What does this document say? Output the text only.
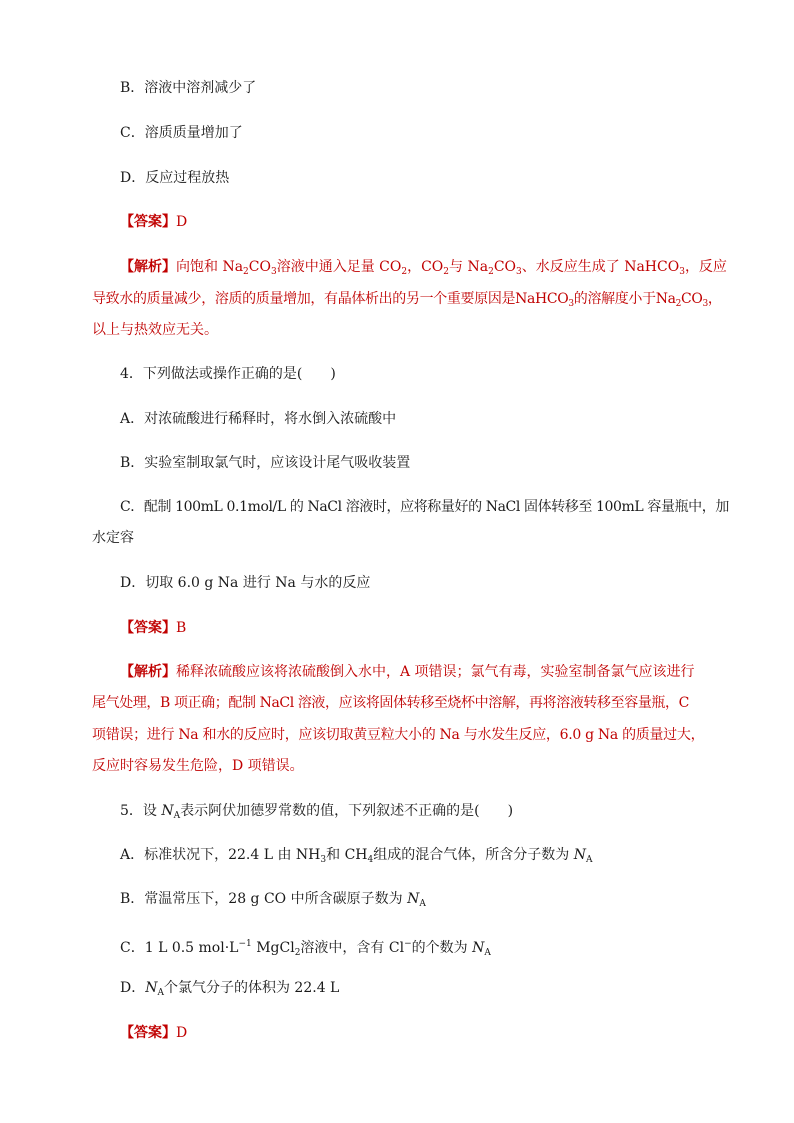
B．溶液中溶剂减少了
C．溶质质量增加了
D．反应过程放热
【答案】D
【解析】向饱和 $Na_2CO_3$溶液中通入足量 $CO_2$，$CO_2$与 $Na_2CO_3$、水反应生成了 NaHCO$_3$，反应
导致水的质量减少，溶质的质量增加，有晶体析出的另一个重要原因是NaHCO$_3$的溶解度小于$Na_2CO_3$，
以上与热效应无关。
4．下列做法或操作正确的是(　　)
A．对浓硫酸进行稀释时，将水倒入浓硫酸中
B．实验室制取氯气时，应该设计尾气吸收装置
C．配制 100mL 0.1mol/L 的 NaCl 溶液时，应将称量好的 NaCl 固体转移至 100mL 容量瓶中，加
水定容
D．切取 6.0 g Na 进行 Na 与水的反应
【答案】B
【解析】稀释浓硫酸应该将浓硫酸倒入水中，A 项错误；氯气有毒，实验室制备氯气应该进行
尾气处理，B 项正确；配制 NaCl 溶液，应该将固体转移至烧杯中溶解，再将溶液转移至容量瓶，C
项错误；进行 Na 和水的反应时，应该切取黄豆粒大小的 Na 与水发生反应，6.0 g Na 的质量过大，
反应时容易发生危险，D 项错误。
5．设 $N_A$表示阿伏加德罗常数的值，下列叙述不正确的是(　　)
A．标准状况下，22.4 L 由 $NH_3$和 $CH_4$组成的混合气体，所含分子数为 $N_A$
B．常温常压下，28 g CO 中所含碳原子数为 $N_A$
C．1 L 0.5 $mol\cdot L^{-1}$ MgCl$_2$溶液中，含有 Cl−的个数为 $N_A$
D．$N_A$个氯气分子的体积为 22.4 L
【答案】D
